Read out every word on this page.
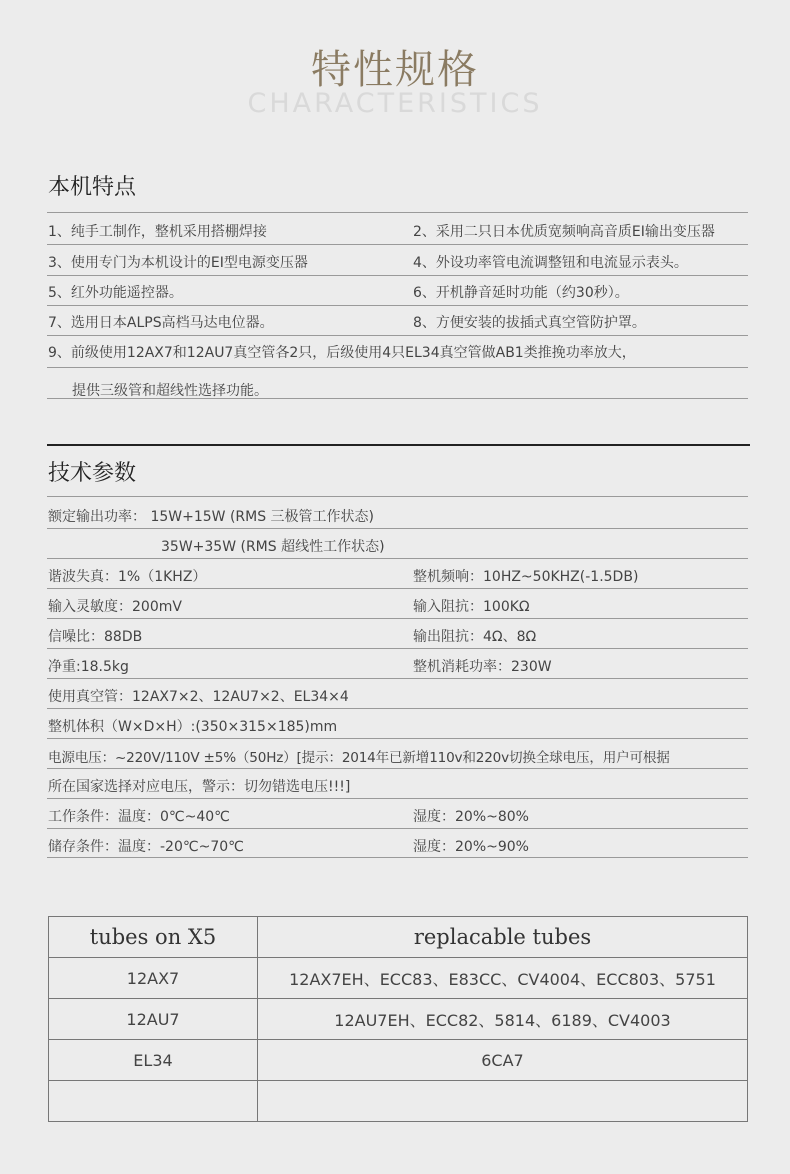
特性规格
CHARACTERISTICS
本机特点
1、纯手工制作，整机采用搭棚焊接	2、采用二只日本优质宽频响高音质EI输出变压器
3、使用专门为本机设计的EI型电源变压器	4、外设功率管电流调整钮和电流显示表头。
5、红外功能遥控器。	6、开机静音延时功能（约30秒）。
7、选用日本ALPS高档马达电位器。	8、方便安装的拔插式真空管防护罩。
9、前级使用12AX7和12AU7真空管各2只，后级使用4只EL34真空管做AB1类推挽功率放大，
提供三级管和超线性选择功能。
技术参数
额定输出功率： 15W+15W (RMS 三极管工作状态)
35W+35W (RMS 超线性工作状态)
谐波失真：1%（1KHZ）	整机频响：10HZ~50KHZ(-1.5DB)
输入灵敏度：200mV	输入阻抗：100KΩ
信噪比：88DB	输出阻抗：4Ω、8Ω
净重:18.5kg	整机消耗功率：230W
使用真空管：12AX7×2、12AU7×2、EL34×4
整机体积（W×D×H）:(350×315×185)mm
电源电压：~220V/110V ±5%（50Hz）[提示：2014年已新增110v和220v切换全球电压，用户可根据
所在国家选择对应电压，警示：切勿错选电压!!!]
工作条件：温度：0℃~40℃	湿度：20%~80%
储存条件：温度：-20℃~70℃	湿度：20%~90%
tubes on X5	replacable tubes
12AX7	12AX7EH、ECC83、E83CC、CV4004、ECC803、5751
12AU7	12AU7EH、ECC82、5814、6189、CV4003
EL34	6CA7
